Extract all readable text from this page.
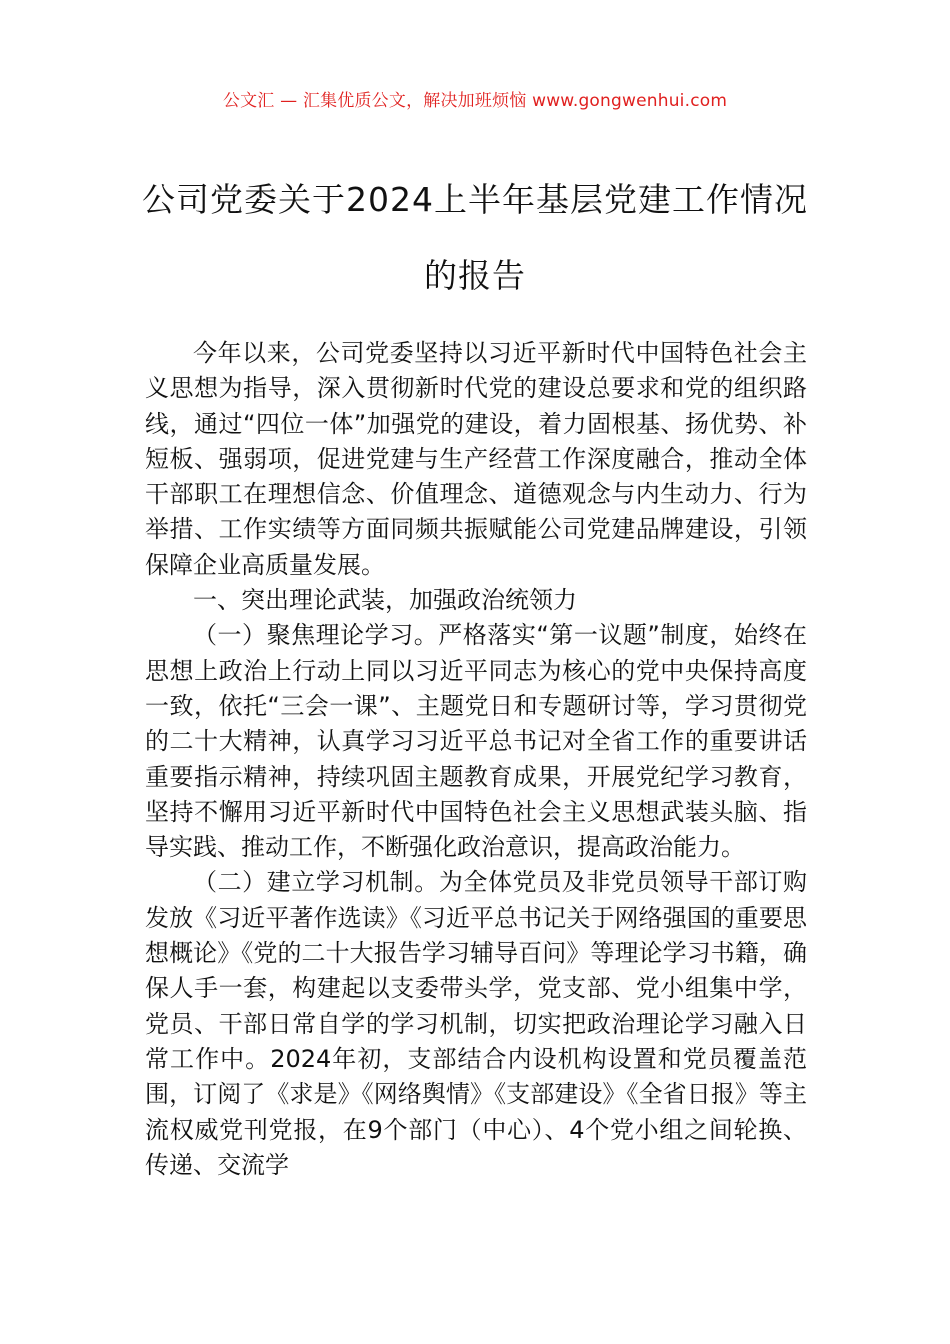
公文汇 — 汇集优质公文，解决加班烦恼 www.gongwenhui.com
公司党委关于2024上半年基层党建工作情况的报告

今年以来，公司党委坚持以习近平新时代中国特色社会主义思想为指导，深入贯彻新时代党的建设总要求和党的组织路线，通过“四位一体”加强党的建设，着力固根基、扬优势、补短板、强弱项，促进党建与生产经营工作深度融合，推动全体干部职工在理想信念、价值理念、道德观念与内生动力、行为举措、工作实绩等方面同频共振赋能公司党建品牌建设，引领保障企业高质量发展。

一、突出理论武装，加强政治统领力

（一）聚焦理论学习。严格落实“第一议题”制度，始终在思想上政治上行动上同以习近平同志为核心的党中央保持高度一致，依托“三会一课”、主题党日和专题研讨等，学习贯彻党的二十大精神，认真学习习近平总书记对全省工作的重要讲话重要指示精神，持续巩固主题教育成果，开展党纪学习教育，坚持不懈用习近平新时代中国特色社会主义思想武装头脑、指导实践、推动工作，不断强化政治意识，提高政治能力。

（二）建立学习机制。为全体党员及非党员领导干部订购发放《习近平著作选读》《习近平总书记关于网络强国的重要思想概论》《党的二十大报告学习辅导百问》等理论学习书籍，确保人手一套，构建起以支委带头学，党支部、党小组集中学，党员、干部日常自学的学习机制，切实把政治理论学习融入日常工作中。2024年初，支部结合内设机构设置和党员覆盖范围，订阅了《求是》《网络舆情》《支部建设》《全省日报》等主流权威党刊党报，在9个部门（中心）、4个党小组之间轮换、传递、交流学
